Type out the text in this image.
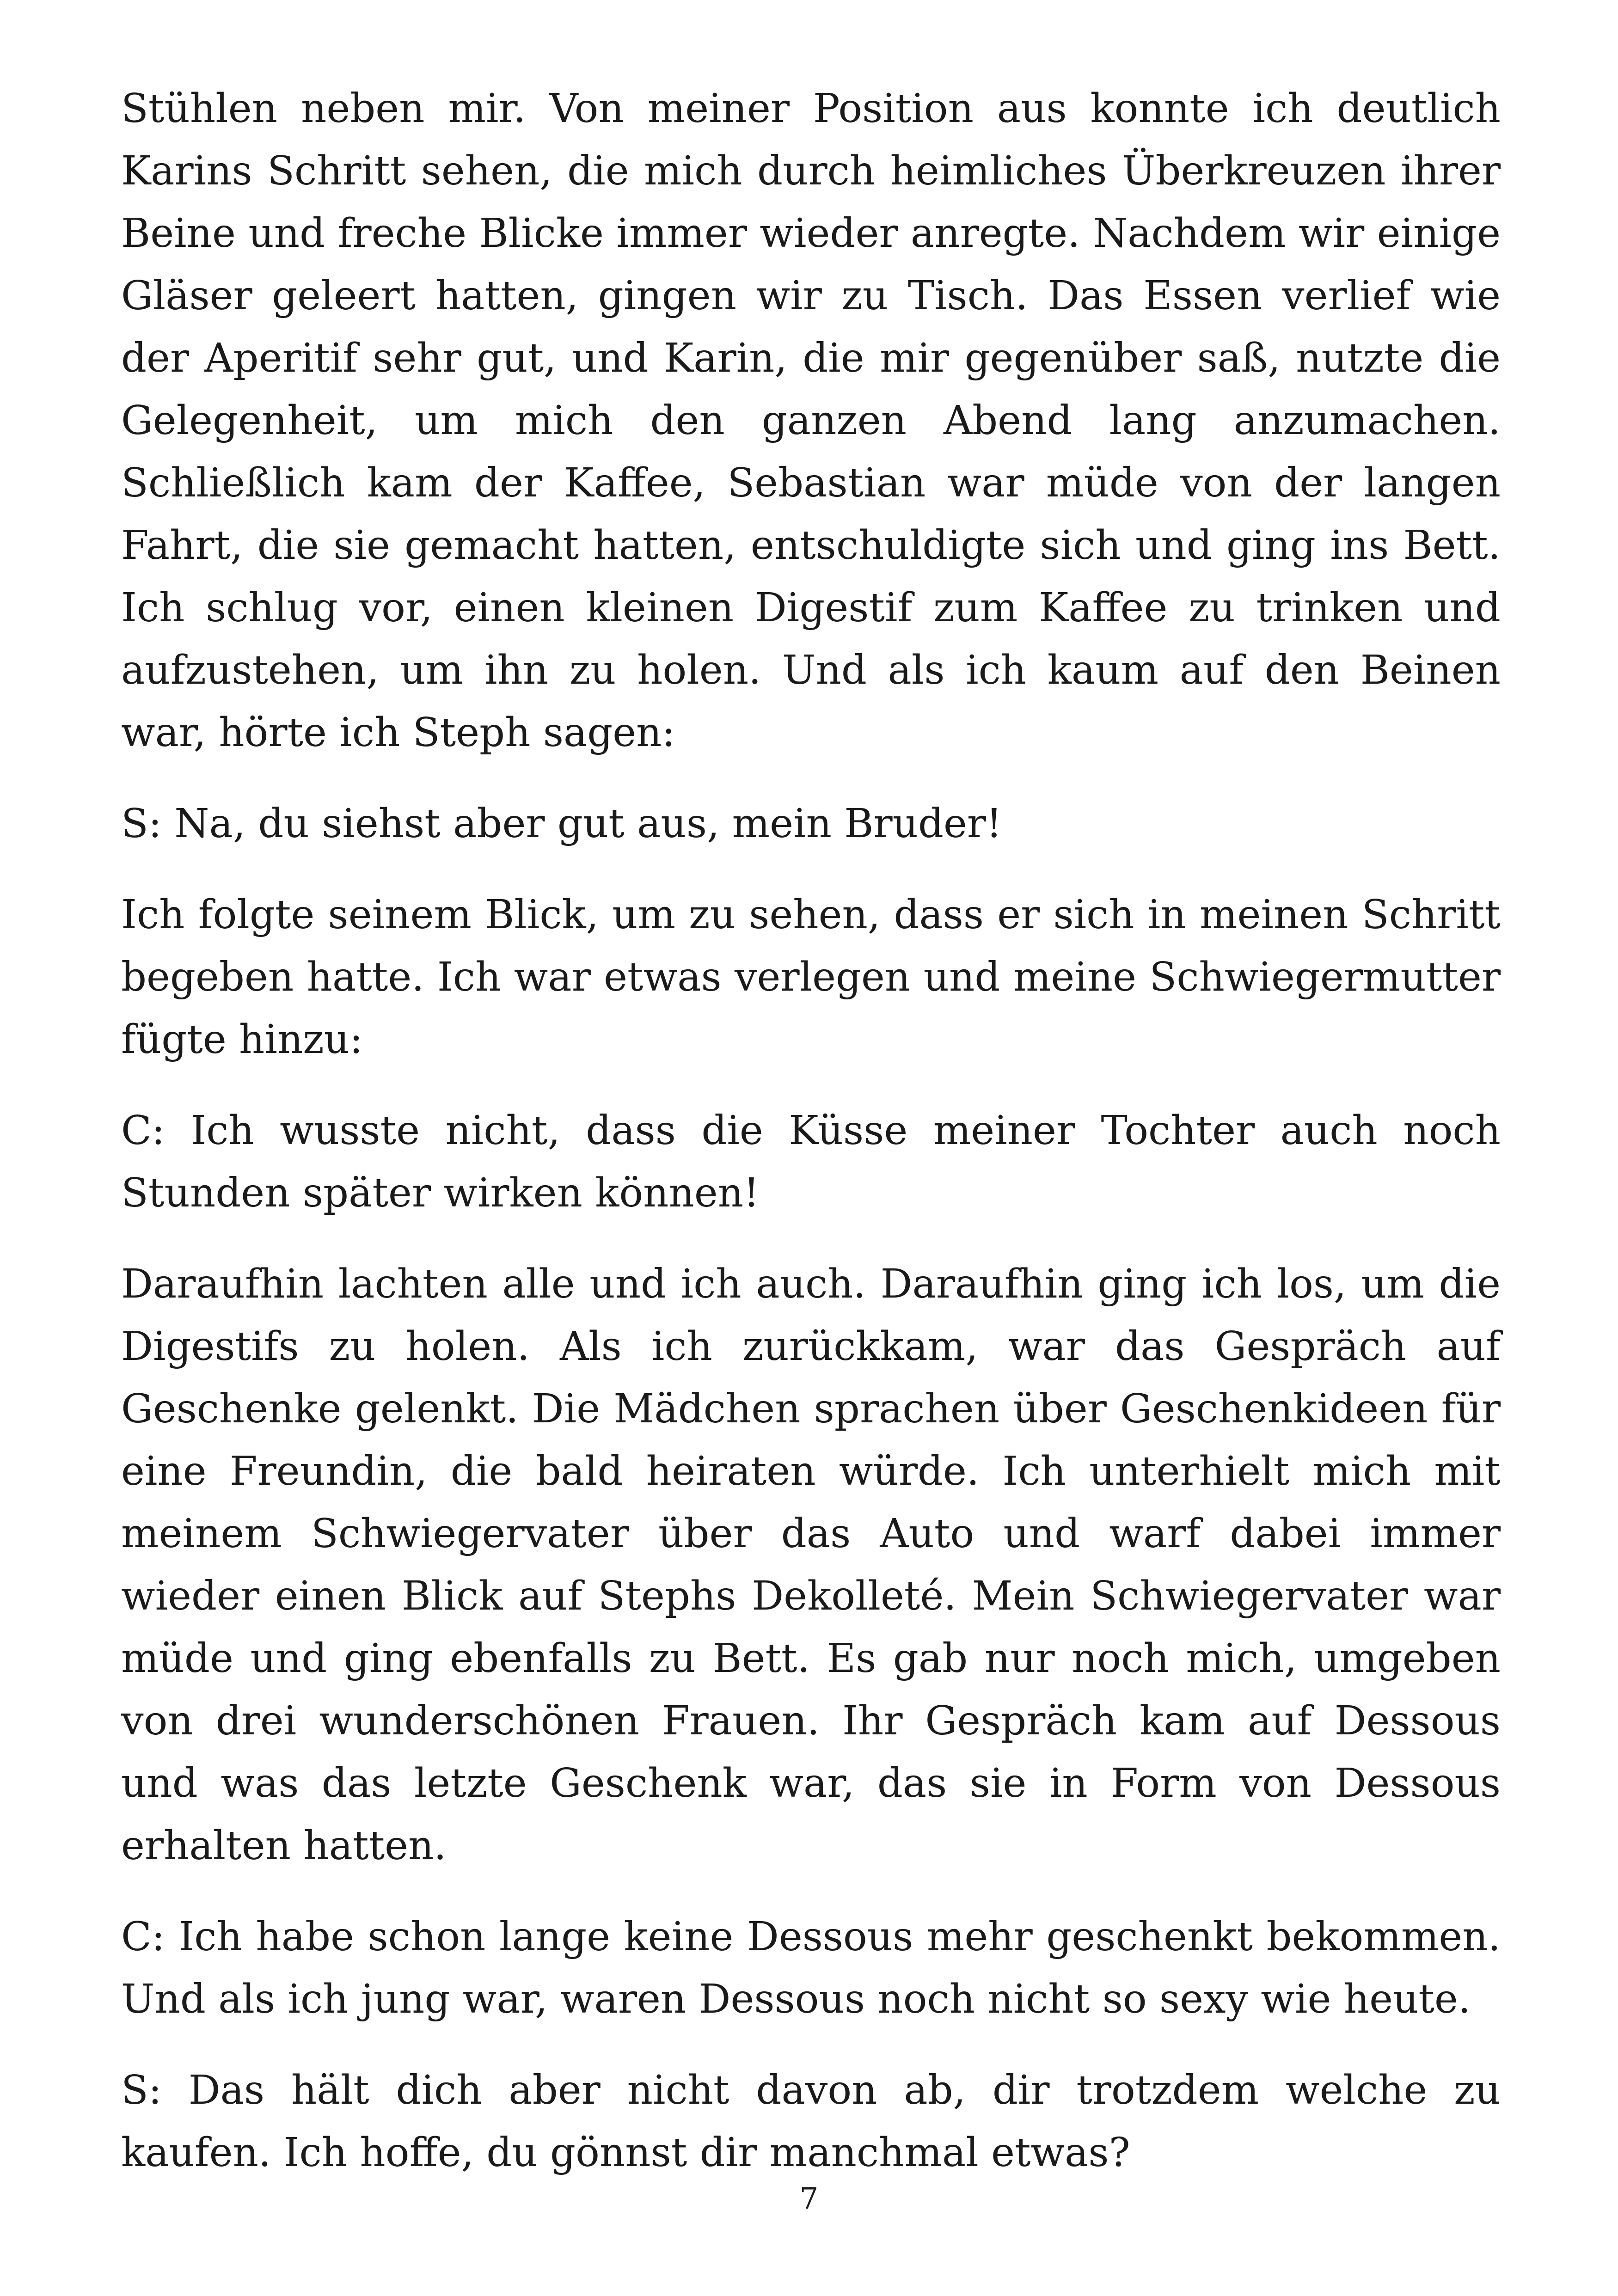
Stühlen neben mir. Von meiner Position aus konnte ich deutlich Karins Schritt sehen, die mich durch heimliches Überkreuzen ihrer Beine und freche Blicke immer wieder anregte. Nachdem wir einige Gläser geleert hatten, gingen wir zu Tisch. Das Essen verlief wie der Aperitif sehr gut, und Karin, die mir gegenüber saß, nutzte die Gelegenheit, um mich den ganzen Abend lang anzumachen. Schließlich kam der Kaffee, Sebastian war müde von der langen Fahrt, die sie gemacht hatten, entschuldigte sich und ging ins Bett. Ich schlug vor, einen kleinen Digestif zum Kaffee zu trinken und aufzustehen, um ihn zu holen. Und als ich kaum auf den Beinen war, hörte ich Steph sagen:

S: Na, du siehst aber gut aus, mein Bruder!

Ich folgte seinem Blick, um zu sehen, dass er sich in meinen Schritt begeben hatte. Ich war etwas verlegen und meine Schwiegermutter fügte hinzu:

C: Ich wusste nicht, dass die Küsse meiner Tochter auch noch Stunden später wirken können!

Daraufhin lachten alle und ich auch. Daraufhin ging ich los, um die Digestifs zu holen. Als ich zurückkam, war das Gespräch auf Geschenke gelenkt. Die Mädchen sprachen über Geschenkideen für eine Freundin, die bald heiraten würde. Ich unterhielt mich mit meinem Schwiegervater über das Auto und warf dabei immer wieder einen Blick auf Stephs Dekolleté. Mein Schwiegervater war müde und ging ebenfalls zu Bett. Es gab nur noch mich, umgeben von drei wunderschönen Frauen. Ihr Gespräch kam auf Dessous und was das letzte Geschenk war, das sie in Form von Dessous erhalten hatten.

C: Ich habe schon lange keine Dessous mehr geschenkt bekommen. Und als ich jung war, waren Dessous noch nicht so sexy wie heute.

S: Das hält dich aber nicht davon ab, dir trotzdem welche zu kaufen. Ich hoffe, du gönnst dir manchmal etwas?

7
